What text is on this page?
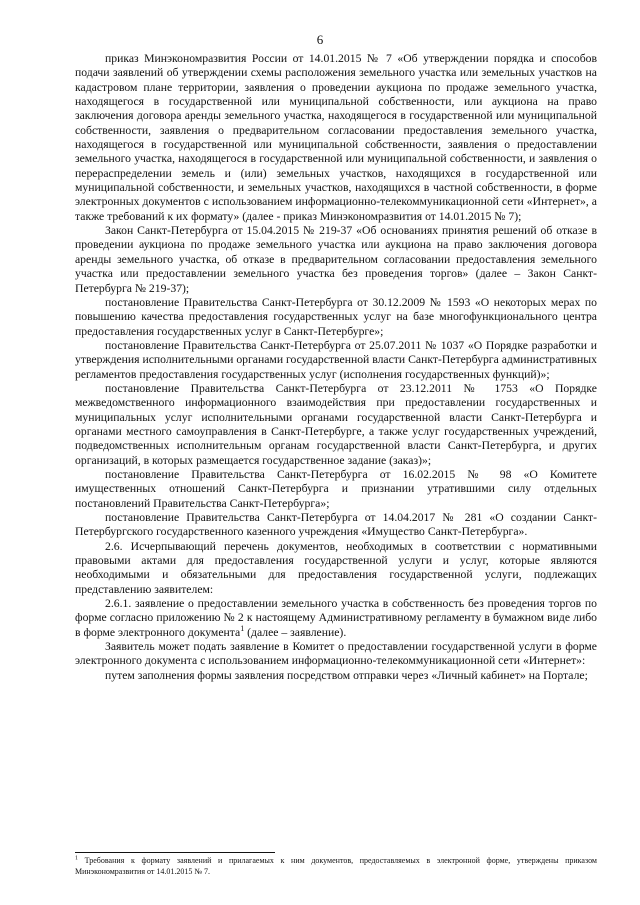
6

приказ Минэкономразвития России от 14.01.2015 № 7 «Об утверждении порядка и способов подачи заявлений об утверждении схемы расположения земельного участка или земельных участков на кадастровом плане территории, заявления о проведении аукциона по продаже земельного участка, находящегося в государственной или муниципальной собственности, или аукциона на право заключения договора аренды земельного участка, находящегося в государственной или муниципальной собственности, заявления о предварительном согласовании предоставления земельного участка, находящегося в государственной или муниципальной собственности, заявления о предоставлении земельного участка, находящегося в государственной или муниципальной собственности, и заявления о перераспределении земель и (или) земельных участков, находящихся в государственной или муниципальной собственности, и земельных участков, находящихся в частной собственности, в форме электронных документов с использованием информационно-телекоммуникационной сети «Интернет», а также требований к их формату» (далее - приказ Минэкономразвития от 14.01.2015 № 7);

Закон Санкт-Петербурга от 15.04.2015 № 219-37 «Об основаниях принятия решений об отказе в проведении аукциона по продаже земельного участка или аукциона на право заключения договора аренды земельного участка, об отказе в предварительном согласовании предоставления земельного участка или предоставлении земельного участка без проведения торгов» (далее – Закон Санкт-Петербурга № 219-37);

постановление Правительства Санкт-Петербурга от 30.12.2009 № 1593 «О некоторых мерах по повышению качества предоставления государственных услуг на базе многофункционального центра предоставления государственных услуг в Санкт-Петербурге»;

постановление Правительства Санкт-Петербурга от 25.07.2011 № 1037 «О Порядке разработки и утверждения исполнительными органами государственной власти Санкт-Петербурга административных регламентов предоставления государственных услуг (исполнения государственных функций)»;

постановление Правительства Санкт-Петербурга от 23.12.2011 № 1753 «О Порядке межведомственного информационного взаимодействия при предоставлении государственных и муниципальных услуг исполнительными органами государственной власти Санкт-Петербурга и органами местного самоуправления в Санкт-Петербурге, а также услуг государственных учреждений, подведомственных исполнительным органам государственной власти Санкт-Петербурга, и других организаций, в которых размещается государственное задание (заказ)»;

постановление Правительства Санкт-Петербурга от 16.02.2015 № 98 «О Комитете имущественных отношений Санкт-Петербурга и признании утратившими силу отдельных постановлений Правительства Санкт-Петербурга»;

постановление Правительства Санкт-Петербурга от 14.04.2017 № 281 «О создании Санкт-Петербургского государственного казенного учреждения «Имущество Санкт-Петербурга».

2.6. Исчерпывающий перечень документов, необходимых в соответствии с нормативными правовыми актами для предоставления государственной услуги и услуг, которые являются необходимыми и обязательными для предоставления государственной услуги, подлежащих представлению заявителем:

2.6.1. заявление о предоставлении земельного участка в собственность без проведения торгов по форме согласно приложению № 2 к настоящему Административному регламенту в бумажном виде либо в форме электронного документа$^1$ (далее – заявление).

Заявитель может подать заявление в Комитет о предоставлении государственной услуги в форме электронного документа с использованием информационно-телекоммуникационной сети «Интернет»:

путем заполнения формы заявления посредством отправки через «Личный кабинет» на Портале;

$^1$ Требования к формату заявлений и прилагаемых к ним документов, предоставляемых в электронной форме, утверждены приказом Минэкономразвития от 14.01.2015 № 7.
